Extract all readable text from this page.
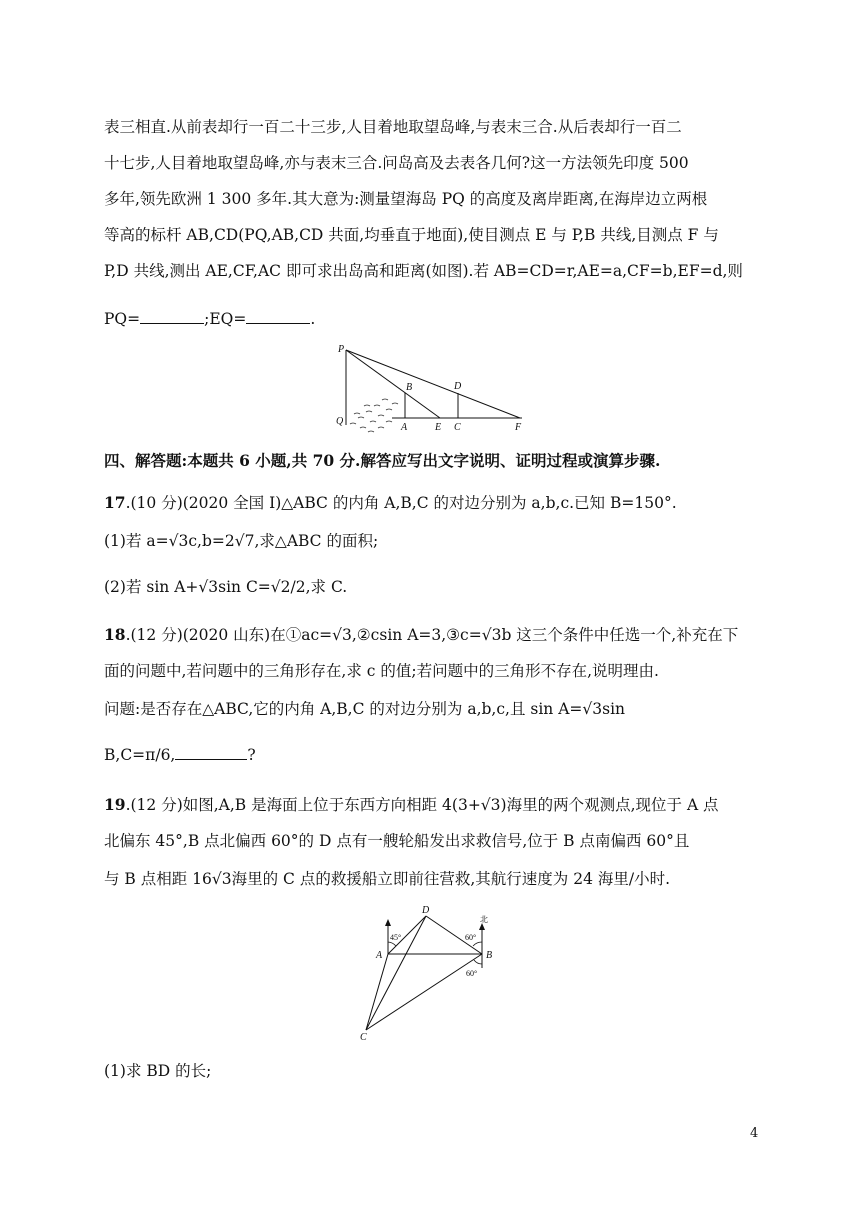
表三相直.从前表却行一百二十三步,人目着地取望岛峰,与表末三合.从后表却行一百二
十七步,人目着地取望岛峰,亦与表末三合.问岛高及去表各几何?这一方法领先印度 500
多年,领先欧洲 1 300 多年.其大意为:测量望海岛 PQ 的高度及离岸距离,在海岸边立两根
等高的标杆 AB,CD(PQ,AB,CD 共面,均垂直于地面),使目测点 E 与 P,B 共线,目测点 F 与
P,D 共线,测出 AE,CF,AC 即可求出岛高和距离(如图).若 AB=CD=r,AE=a,CF=b,EF=d,则
PQ=	;EQ=	.
P
B	D
Q
A	E C	F
四、解答题:本题共 6 小题,共 70 分.解答应写出文字说明、证明过程或演算步骤.
17.(10 分)(2020 全国 Ⅰ)△ABC 的内角 A,B,C 的对边分别为 a,b,c.已知 B=150°.
(1)若 a=√3c,b=2√7,求△ABC 的面积;
(2)若 sin A+√3sin C=√2/2,求 C.
18.(12 分)(2020 山东)在①ac=√3,②csin A=3,③c=√3b 这三个条件中任选一个,补充在下
面的问题中,若问题中的三角形存在,求 c 的值;若问题中的三角形不存在,说明理由.
问题:是否存在△ABC,它的内角 A,B,C 的对边分别为 a,b,c,且 sin A=√3sin
B,C=π/6,	?
19.(12 分)如图,A,B 是海面上位于东西方向相距 4(3+√3)海里的两个观测点,现位于 A 点
北偏东 45°,B 点北偏西 60°的 D 点有一艘轮船发出求救信号,位于 B 点南偏西 60°且
与 B 点相距 16√3海里的 C 点的救援船立即前往营救,其航行速度为 24 海里/小时.
D
A	B
C
北
45°	60°
60°
(1)求 BD 的长;
4
